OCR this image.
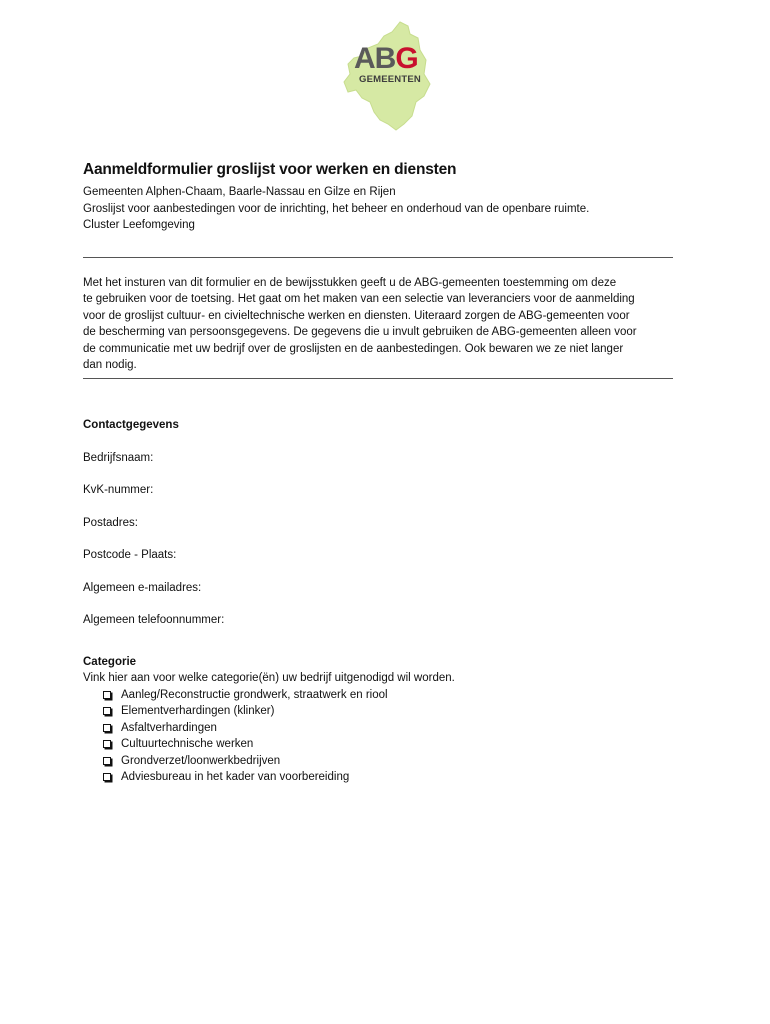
ABG
GEMEENTEN
Aanmeldformulier groslijst voor werken en diensten

Gemeenten Alphen-Chaam, Baarle-Nassau en Gilze en Rijen

Groslijst voor aanbestedingen voor de inrichting, het beheer en onderhoud van de openbare ruimte.

Cluster Leefomgeving

Met het insturen van dit formulier en de bewijsstukken geeft u de ABG-gemeenten toestemming om deze
te gebruiken voor de toetsing. Het gaat om het maken van een selectie van leveranciers voor de aanmelding
voor de groslijst cultuur- en civieltechnische werken en diensten. Uiteraard zorgen de ABG-gemeenten voor
de bescherming van persoonsgegevens. De gegevens die u invult gebruiken de ABG-gemeenten alleen voor
de communicatie met uw bedrijf over de groslijsten en de aanbestedingen. Ook bewaren we ze niet langer
dan nodig.
Contactgegevens
Bedrijfsnaam:
KvK-nummer:
Postadres:
Postcode - Plaats:
Algemeen e-mailadres:
Algemeen telefoonnummer:
Categorie

Vink hier aan voor welke categorie(ën) uw bedrijf uitgenodigd wil worden.

Aanleg/Reconstructie grondwerk, straatwerk en riool
Elementverhardingen (klinker)
Asfaltverhardingen
Cultuurtechnische werken
Grondverzet/loonwerkbedrijven
Adviesbureau in het kader van voorbereiding
